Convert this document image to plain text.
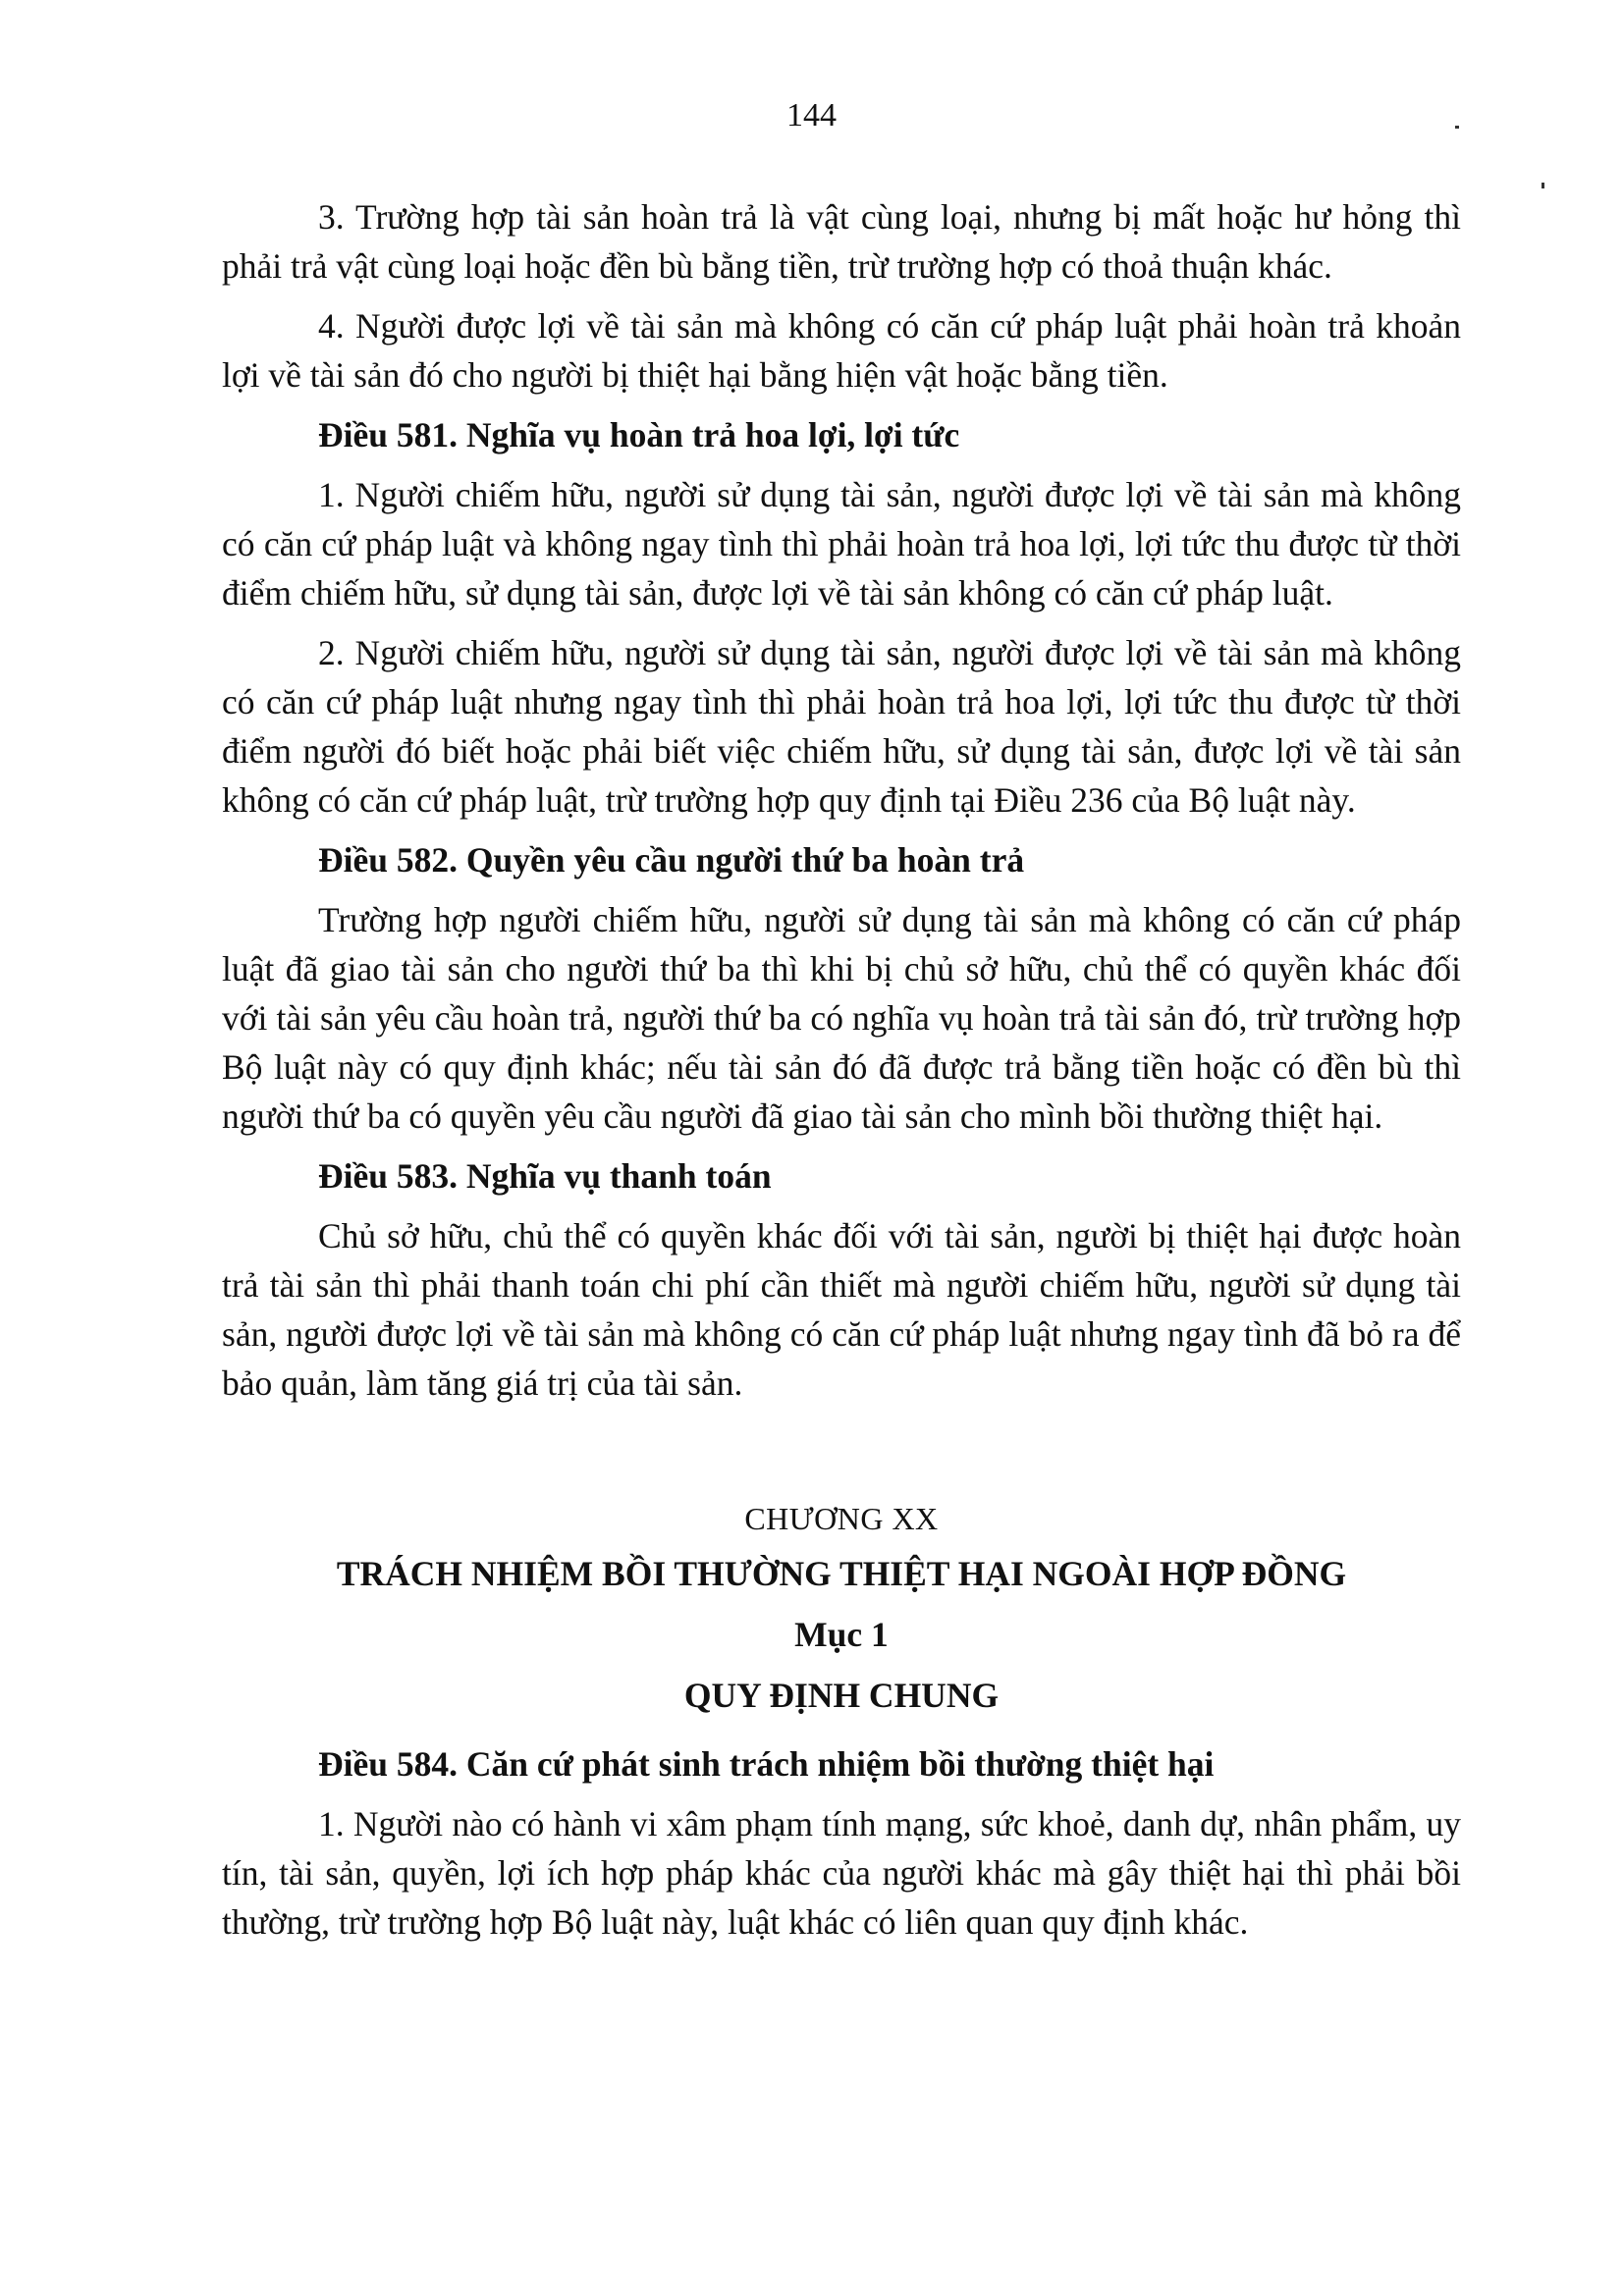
144

3. Trường hợp tài sản hoàn trả là vật cùng loại, nhưng bị mất hoặc hư hỏng thì phải trả vật cùng loại hoặc đền bù bằng tiền, trừ trường hợp có thoả thuận khác.

4. Người được lợi về tài sản mà không có căn cứ pháp luật phải hoàn trả khoản lợi về tài sản đó cho người bị thiệt hại bằng hiện vật hoặc bằng tiền.

Điều 581. Nghĩa vụ hoàn trả hoa lợi, lợi tức

1. Người chiếm hữu, người sử dụng tài sản, người được lợi về tài sản mà không có căn cứ pháp luật và không ngay tình thì phải hoàn trả hoa lợi, lợi tức thu được từ thời điểm chiếm hữu, sử dụng tài sản, được lợi về tài sản không có căn cứ pháp luật.

2. Người chiếm hữu, người sử dụng tài sản, người được lợi về tài sản mà không có căn cứ pháp luật nhưng ngay tình thì phải hoàn trả hoa lợi, lợi tức thu được từ thời điểm người đó biết hoặc phải biết việc chiếm hữu, sử dụng tài sản, được lợi về tài sản không có căn cứ pháp luật, trừ trường hợp quy định tại Điều 236 của Bộ luật này.

Điều 582. Quyền yêu cầu người thứ ba hoàn trả

Trường hợp người chiếm hữu, người sử dụng tài sản mà không có căn cứ pháp luật đã giao tài sản cho người thứ ba thì khi bị chủ sở hữu, chủ thể có quyền khác đối với tài sản yêu cầu hoàn trả, người thứ ba có nghĩa vụ hoàn trả tài sản đó, trừ trường hợp Bộ luật này có quy định khác; nếu tài sản đó đã được trả bằng tiền hoặc có đền bù thì người thứ ba có quyền yêu cầu người đã giao tài sản cho mình bồi thường thiệt hại.

Điều 583. Nghĩa vụ thanh toán

Chủ sở hữu, chủ thể có quyền khác đối với tài sản, người bị thiệt hại được hoàn trả tài sản thì phải thanh toán chi phí cần thiết mà người chiếm hữu, người sử dụng tài sản, người được lợi về tài sản mà không có căn cứ pháp luật nhưng ngay tình đã bỏ ra để bảo quản, làm tăng giá trị của tài sản.

CHƯƠNG XX
TRÁCH NHIỆM BỒI THƯỜNG THIỆT HẠI NGOÀI HỢP ĐỒNG
Mục 1
QUY ĐỊNH CHUNG

Điều 584. Căn cứ phát sinh trách nhiệm bồi thường thiệt hại

1. Người nào có hành vi xâm phạm tính mạng, sức khoẻ, danh dự, nhân phẩm, uy tín, tài sản, quyền, lợi ích hợp pháp khác của người khác mà gây thiệt hại thì phải bồi thường, trừ trường hợp Bộ luật này, luật khác có liên quan quy định khác.
